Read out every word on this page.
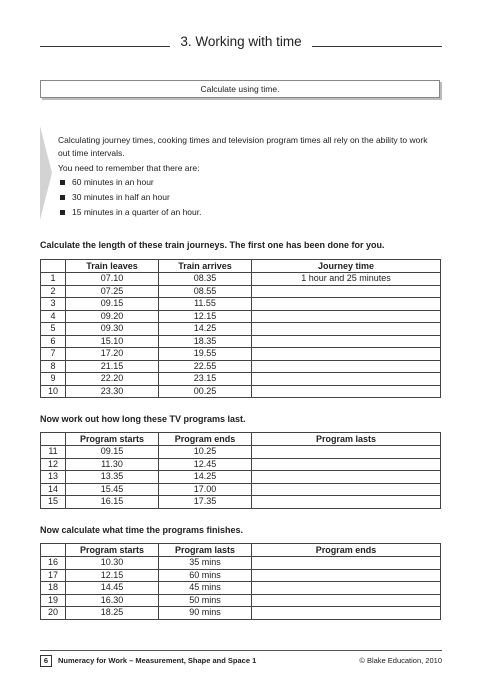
3. Working with time
Calculate using time.

Calculating journey times, cooking times and television program times all rely on the ability to work out time intervals.

You need to remember that there are:

60 minutes in an hour
30 minutes in half an hour
15 minutes in a quarter of an hour.
Calculate the length of these train journeys. The first one has been done for you.
	Train leaves	Train arrives	Journey time
1	07.10	08.35	1 hour and 25 minutes
2	07.25	08.55	
3	09.15	11.55	
4	09.20	12.15	
5	09.30	14.25	
6	15.10	18.35	
7	17.20	19.55	
8	21.15	22.55	
9	22.20	23.15	
10	23.30	00.25	
Now work out how long these TV programs last.
	Program starts	Program ends	Program lasts
11	09.15	10.25	
12	11.30	12.45	
13	13.35	14.25	
14	15.45	17.00	
15	16.15	17.35	
Now calculate what time the programs finishes.
	Program starts	Program lasts	Program ends
16	10.30	35 mins	
17	12.15	60 mins	
18	14.45	45 mins	
19	16.30	50 mins	
20	18.25	90 mins	
6	Numeracy for Work – Measurement, Shape and Space 1	© Blake Education, 2010
